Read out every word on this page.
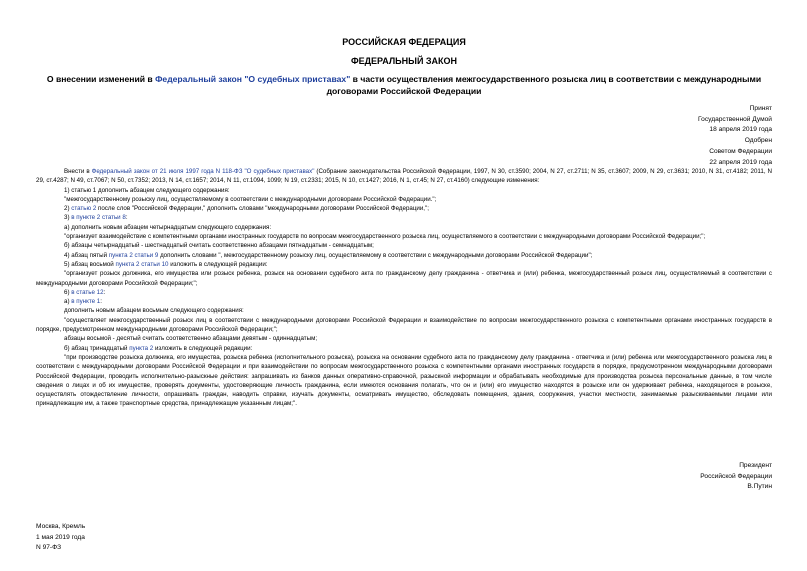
РОССИЙСКАЯ ФЕДЕРАЦИЯ
ФЕДЕРАЛЬНЫЙ ЗАКОН
О внесении изменений в Федеральный закон "О судебных приставах" в части осуществления межгосударственного розыска лиц в соответствии с международными договорами Российской Федерации
Принят
Государственной Думой
18 апреля 2019 года
Одобрен
Советом Федерации
22 апреля 2019 года

Внести в Федеральный закон от 21 июля 1997 года N 118-ФЗ "О судебных приставах" (Собрание законодательства Российской Федерации, 1997, N 30, ст.3590; 2004, N 27, ст.2711; N 35, ст.3607; 2009, N 29, ст.3631; 2010, N 31, ст.4182; 2011, N 29, ст.4287; N 49, ст.7067; N 50, ст.7352; 2013, N 14, ст.1657; 2014, N 11, ст.1094, 1099; N 19, ст.2331; 2015, N 10, ст.1427; 2016, N 1, ст.45; N 27, ст.4160) следующие изменения:

1) статью 1 дополнить абзацем следующего содержания:

"межгосударственному розыску лиц, осуществляемому в соответствии с международными договорами Российской Федерации.";

2) статью 2 после слов "Российской Федерации," дополнить словами "международными договорами Российской Федерации,";

3) в пункте 2 статьи 8:

а) дополнить новым абзацем четырнадцатым следующего содержания:

"организует взаимодействие с компетентными органами иностранных государств по вопросам межгосударственного розыска лиц, осуществляемого в соответствии с международными договорами Российской Федерации;";

б) абзацы четырнадцатый - шестнадцатый считать соответственно абзацами пятнадцатым - семнадцатым;

4) абзац пятый пункта 2 статьи 9 дополнить словами ", межгосударственному розыску лиц, осуществляемому в соответствии с международными договорами Российской Федерации";

5) абзац восьмой пункта 2 статьи 10 изложить в следующей редакции:

"организует розыск должника, его имущества или розыск ребенка, розыск на основании судебного акта по гражданскому делу гражданина - ответчика и (или) ребенка, межгосударственный розыск лиц, осуществляемый в соответствии с международными договорами Российской Федерации;";

6) в статье 12:

а) в пункте 1:

дополнить новым абзацем восьмым следующего содержания:

"осуществляет межгосударственный розыск лиц в соответствии с международными договорами Российской Федерации и взаимодействие по вопросам межгосударственного розыска с компетентными органами иностранных государств в порядке, предусмотренном международными договорами Российской Федерации;";

абзацы восьмой - десятый считать соответственно абзацами девятым - одиннадцатым;

б) абзац тринадцатый пункта 2 изложить в следующей редакции:

"при производстве розыска должника, его имущества, розыска ребенка (исполнительного розыска), розыска на основании судебного акта по гражданскому делу гражданина - ответчика и (или) ребенка или межгосударственного розыска лиц в соответствии с международными договорами Российской Федерации и при взаимодействии по вопросам межгосударственного розыска с компетентными органами иностранных государств в порядке, предусмотренном международными договорами Российской Федерации, проводить исполнительно-разыскные действия: запрашивать из банков данных оперативно-справочной, разыскной информации и обрабатывать необходимые для производства розыска персональные данные, в том числе сведения о лицах и об их имуществе, проверять документы, удостоверяющие личность гражданина, если имеются основания полагать, что он и (или) его имущество находятся в розыске или он удерживает ребенка, находящегося в розыске, осуществлять отождествление личности, опрашивать граждан, наводить справки, изучать документы, осматривать имущество, обследовать помещения, здания, сооружения, участки местности, занимаемые разыскиваемыми лицами или принадлежащие им, а также транспортные средства, принадлежащие указанным лицам;".

Президент
Российской Федерации
В.Путин
Москва, Кремль
1 мая 2019 года
N 97-ФЗ
